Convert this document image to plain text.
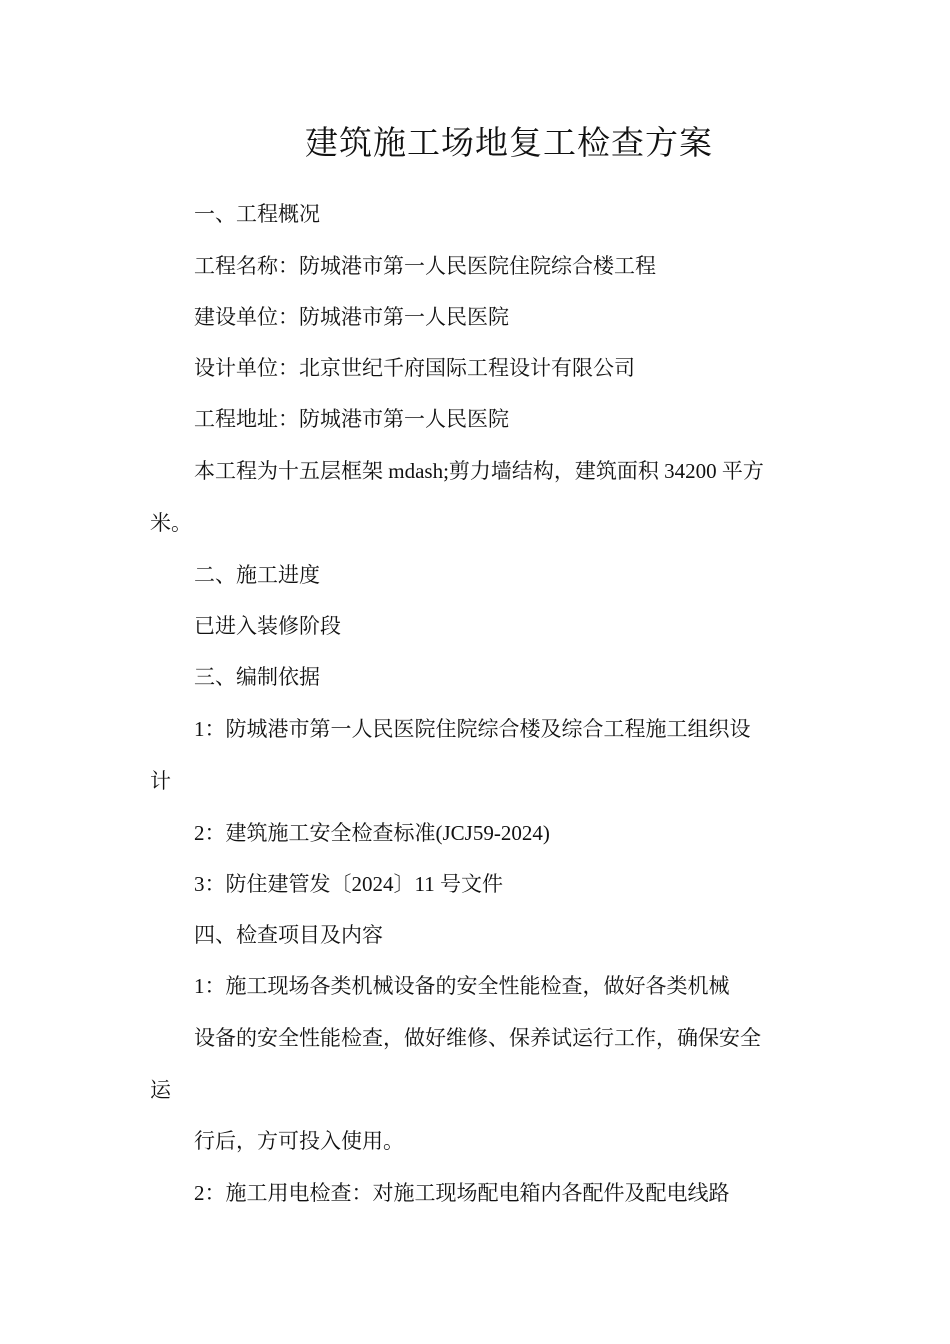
建筑施工场地复工检查方案
一、工程概况
工程名称：防城港市第一人民医院住院综合楼工程
建设单位：防城港市第一人民医院
设计单位：北京世纪千府国际工程设计有限公司
工程地址：防城港市第一人民医院
本工程为十五层框架 mdash;剪力墙结构，建筑面积 34200 平方
米。
二、施工进度
已进入装修阶段
三、编制依据
1：防城港市第一人民医院住院综合楼及综合工程施工组织设
计
2：建筑施工安全检查标准(JCJ59-2024)
3：防住建管发〔2024〕11 号文件
四、检查项目及内容
1：施工现场各类机械设备的安全性能检查，做好各类机械
设备的安全性能检查，做好维修、保养试运行工作，确保安全
运
行后，方可投入使用。
2：施工用电检查：对施工现场配电箱内各配件及配电线路
